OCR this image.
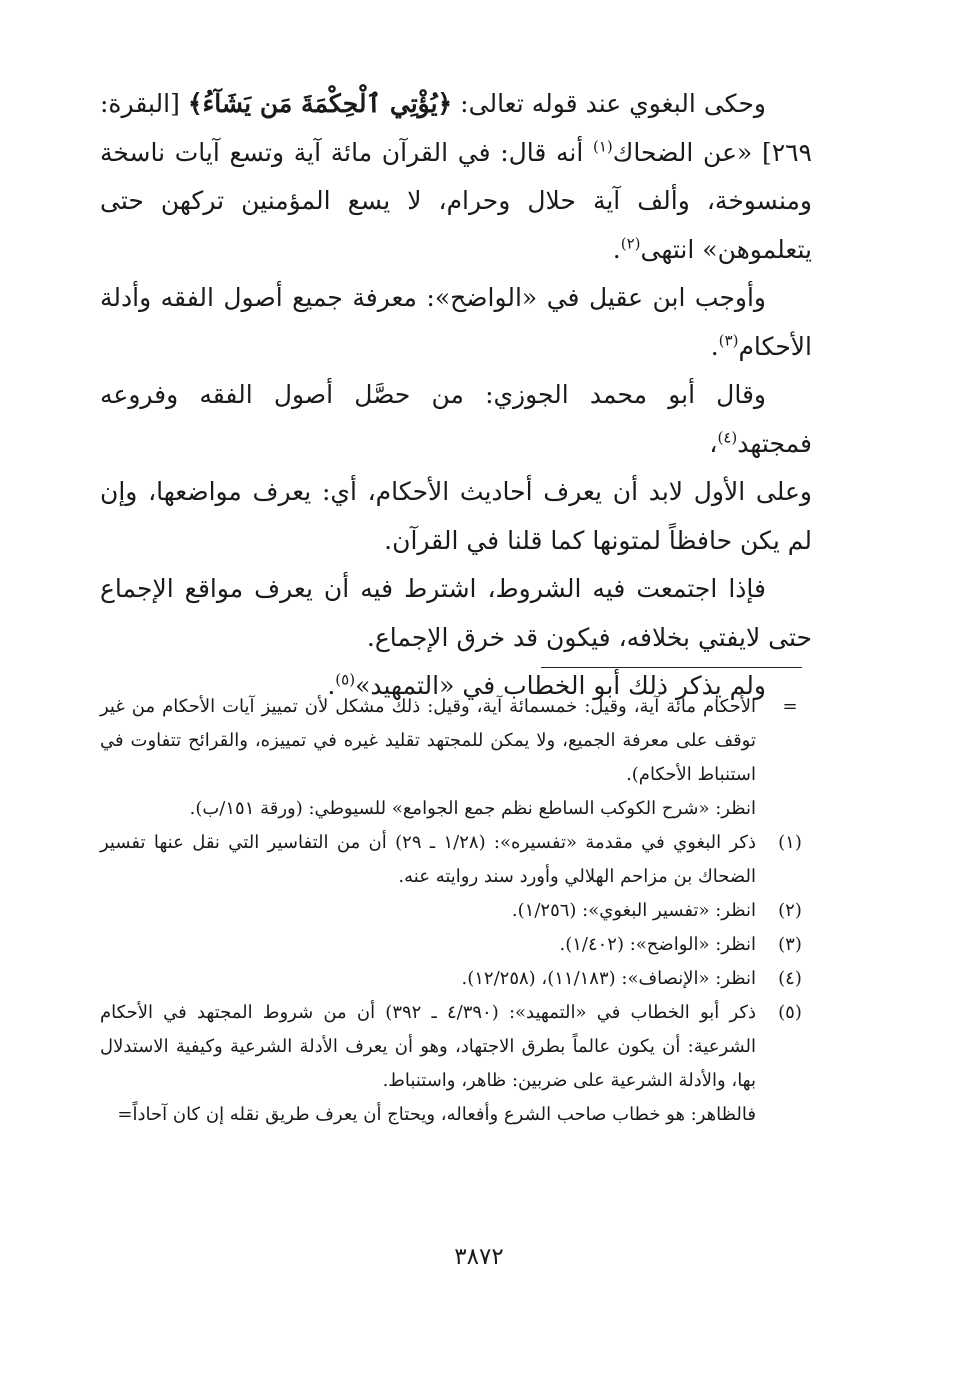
وحكى البغوي عند قوله تعالى: ﴿يُؤْتِي ٱلْحِكْمَةَ مَن يَشَآءُ﴾ [البقرة: ٢٦٩] «عن الضحاك$^{(١)}$ أنه قال: في القرآن مائة آية وتسع آيات ناسخة ومنسوخة، وألف آية حلال وحرام، لا يسع المؤمنين تركهن حتى يتعلموهن» انتهى$^{(٢)}$.

وأوجب ابن عقيل في «الواضح»: معرفة جميع أصول الفقه وأدلة الأحكام$^{(٣)}$.

وقال أبو محمد الجوزي: من حصَّل أصول الفقه وفروعه فمجتهد$^{(٤)}$،

وعلى الأول لابد أن يعرف أحاديث الأحكام، أي: يعرف مواضعها، وإن لم يكن حافظاً لمتونها كما قلنا في القرآن.

فإذا اجتمعت فيه الشروط، اشترط فيه أن يعرف مواقع الإجماع حتى لايفتي بخلافه، فيكون قد خرق الإجماع.

ولم يذكر ذلك أبو الخطاب في «التمهيد»$^{(٥)}$.

=

الأحكام مائة آية، وقيل: خمسمائة آية، وقيل: ذلك مشكل لأن تمييز آيات الأحكام من غير توقف على معرفة الجميع، ولا يمكن للمجتهد تقليد غيره في تمييزه، والقرائح تتفاوت في استنباط الأحكام).

انظر: «شرح الكوكب الساطع نظم جمع الجوامع» للسيوطي: (ورقة ١٥١/ب).

(١)

ذكر البغوي في مقدمة «تفسيره»: (١/٢٨ ـ ٢٩) أن من التفاسير التي نقل عنها تفسير الضحاك بن مزاحم الهلالي وأورد سند روايته عنه.

(٢)

انظر: «تفسير البغوي»: (١/٢٥٦).

(٣)

انظر: «الواضح»: (١/٤٠٢).

(٤)

انظر: «الإنصاف»: (١١/١٨٣)، (١٢/٢٥٨).

(٥)

ذكر أبو الخطاب في «التمهيد»: (٤/٣٩٠ ـ ٣٩٢) أن من شروط المجتهد في الأحكام الشرعية: أن يكون عالماً بطرق الاجتهاد، وهو أن يعرف الأدلة الشرعية وكيفية الاستدلال بها، والأدلة الشرعية على ضربين: ظاهر، واستنباط.

فالظاهر: هو خطاب صاحب الشرع وأفعاله، ويحتاج أن يعرف طريق نقله إن كان آحاداً=

٣٨٧٢
